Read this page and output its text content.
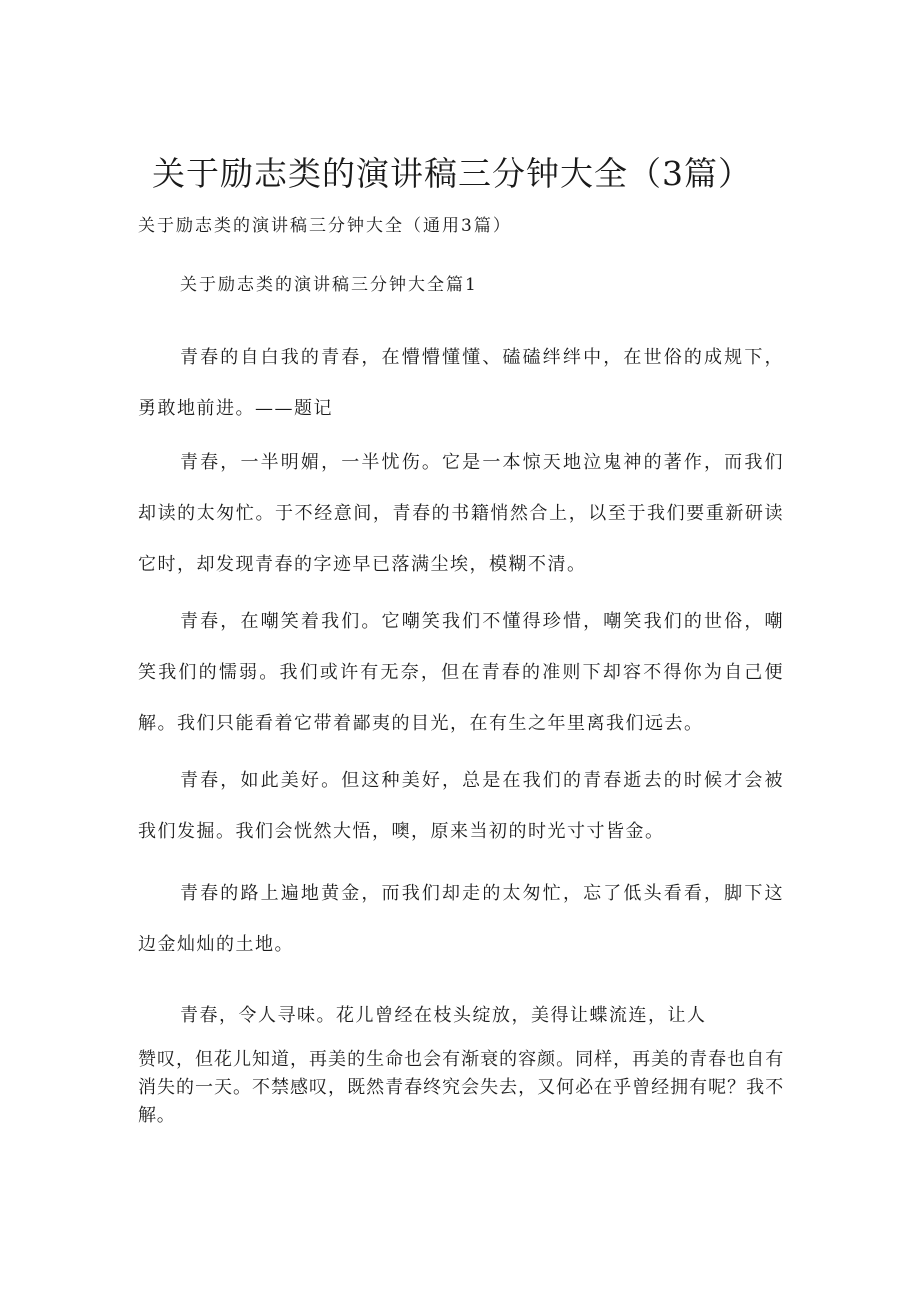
关于励志类的演讲稿三分钟大全（3篇）
关于励志类的演讲稿三分钟大全（通用3篇）
关于励志类的演讲稿三分钟大全篇1

青春的自白我的青春，在懵懵懂懂、磕磕绊绊中，在世俗的成规下，勇敢地前进。——题记

青春，一半明媚，一半忧伤。它是一本惊天地泣鬼神的著作，而我们却读的太匆忙。于不经意间，青春的书籍悄然合上，以至于我们要重新研读它时，却发现青春的字迹早已落满尘埃，模糊不清。

青春，在嘲笑着我们。它嘲笑我们不懂得珍惜，嘲笑我们的世俗，嘲笑我们的懦弱。我们或许有无奈，但在青春的准则下却容不得你为自己便解。我们只能看着它带着鄙夷的目光，在有生之年里离我们远去。

青春，如此美好。但这种美好，总是在我们的青春逝去的时候才会被我们发掘。我们会恍然大悟，噢，原来当初的时光寸寸皆金。

青春的路上遍地黄金，而我们却走的太匆忙，忘了低头看看，脚下这边金灿灿的土地。

青春，令人寻味。花儿曾经在枝头绽放，美得让蝶流连，让人

赞叹，但花儿知道，再美的生命也会有渐衰的容颜。同样，再美的青春也自有消失的一天。不禁感叹，既然青春终究会失去，又何必在乎曾经拥有呢？我不解。
